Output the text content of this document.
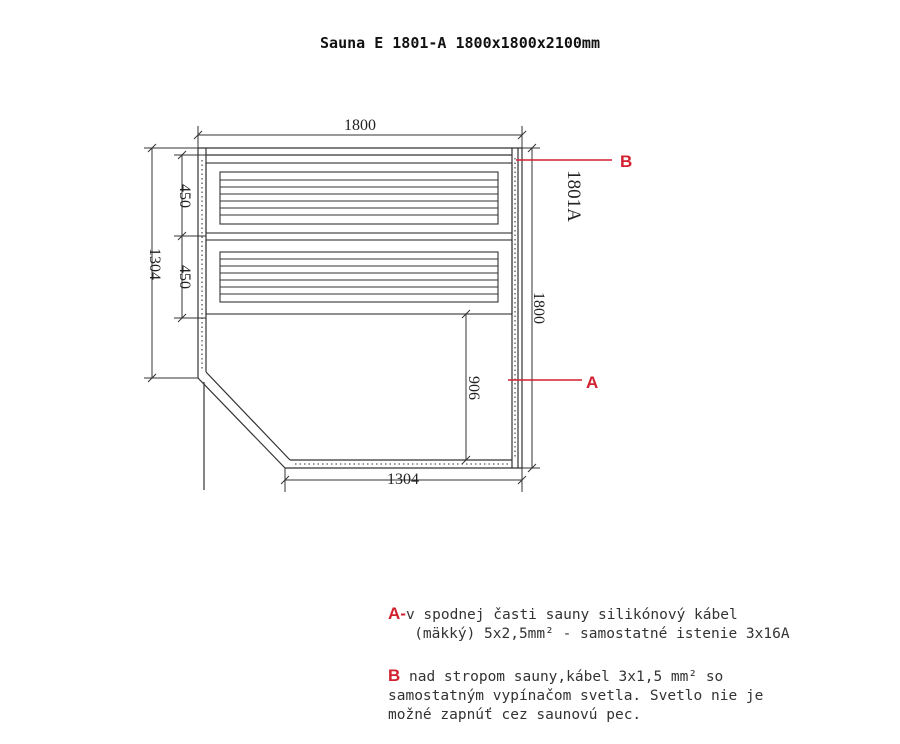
Sauna E 1801-A 1800x1800x2100mm
1800
1800
1304
450
450
906
1304
1801A
B
A
A-v spodnej časti sauny silikónový kábel
(mäkký) 5x2,5mm² - samostatné istenie 3x16A
B nad stropom sauny,kábel 3x1,5 mm² so
samostatným vypínačom svetla. Svetlo nie je
možné zapnúť cez saunovú pec.
